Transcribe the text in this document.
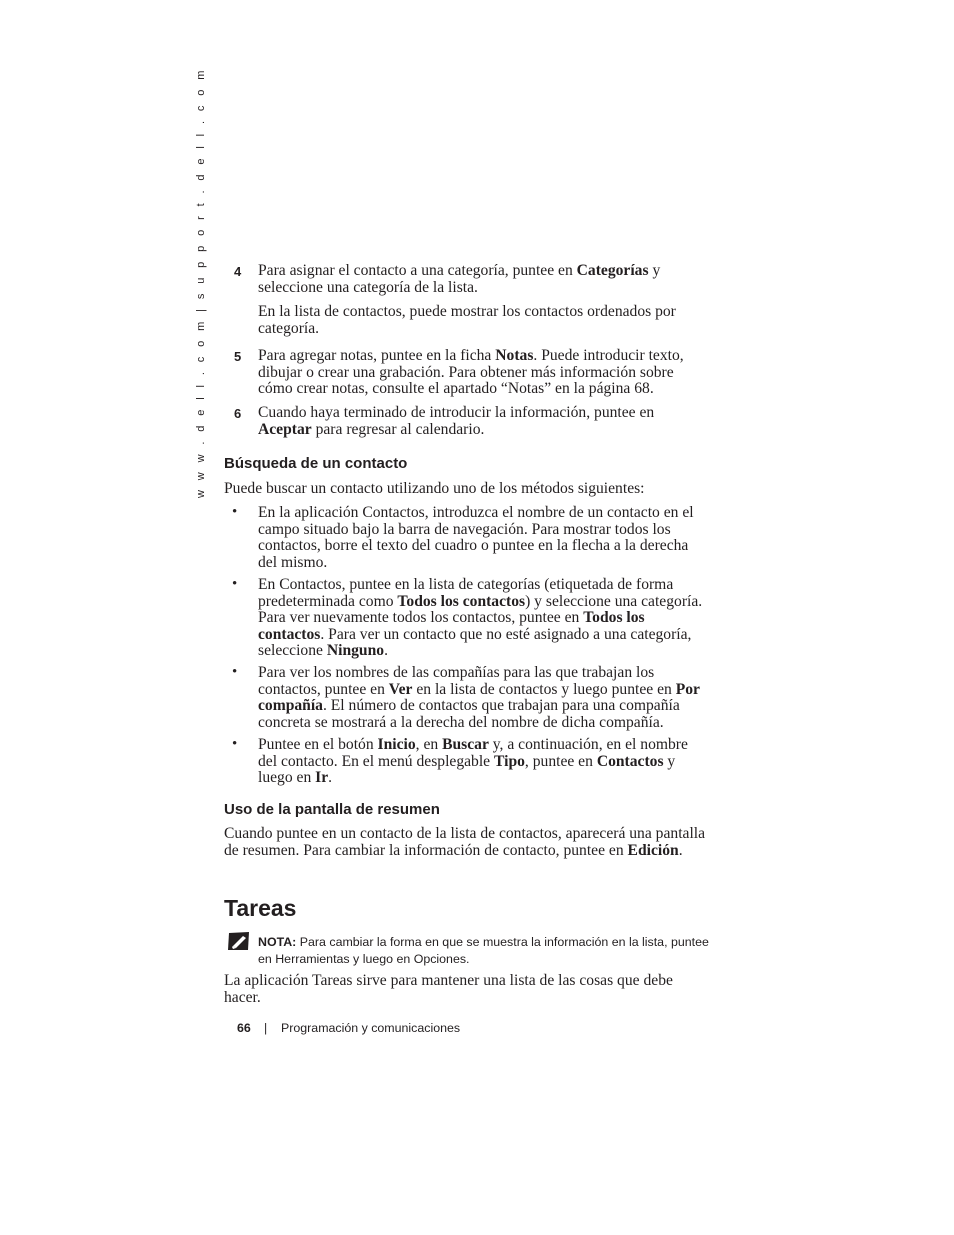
w w w . d e l l . c o m | s u p p o r t . d e l l . c o m 4 Para asignar el contacto a una categoría, puntee en Categorías y seleccione una categoría de la lista.

En la lista de contactos, puede mostrar los contactos ordenados por categoría.

5 Para agregar notas, puntee en la ficha Notas. Puede introducir texto, dibujar o crear una grabación. Para obtener más información sobre cómo crear notas, consulte el apartado “Notas” en la página 68.

6 Cuando haya terminado de introducir la información, puntee en Aceptar para regresar al calendario.

Búsqueda de un contacto

Puede buscar un contacto utilizando uno de los métodos siguientes:

• En la aplicación Contactos, introduzca el nombre de un contacto en el campo situado bajo la barra de navegación. Para mostrar todos los contactos, borre el texto del cuadro o puntee en la flecha a la derecha del mismo.

• En Contactos, puntee en la lista de categorías (etiquetada de forma predeterminada como Todos los contactos) y seleccione una categoría. Para ver nuevamente todos los contactos, puntee en Todos los contactos. Para ver un contacto que no esté asignado a una categoría, seleccione Ninguno.

• Para ver los nombres de las compañías para las que trabajan los contactos, puntee en Ver en la lista de contactos y luego puntee en Por compañía. El número de contactos que trabajan para una compañía concreta se mostrará a la derecha del nombre de dicha compañía.

• Puntee en el botón Inicio, en Buscar y, a continuación, en el nombre del contacto. En el menú desplegable Tipo, puntee en Contactos y luego en Ir.

Uso de la pantalla de resumen

Cuando puntee en un contacto de la lista de contactos, aparecerá una pantalla de resumen. Para cambiar la información de contacto, puntee en Edición.

Tareas

NOTA: Para cambiar la forma en que se muestra la información en la lista, puntee en Herramientas y luego en Opciones.

La aplicación Tareas sirve para mantener una lista de las cosas que debe hacer.

66 | Programación y comunicaciones
